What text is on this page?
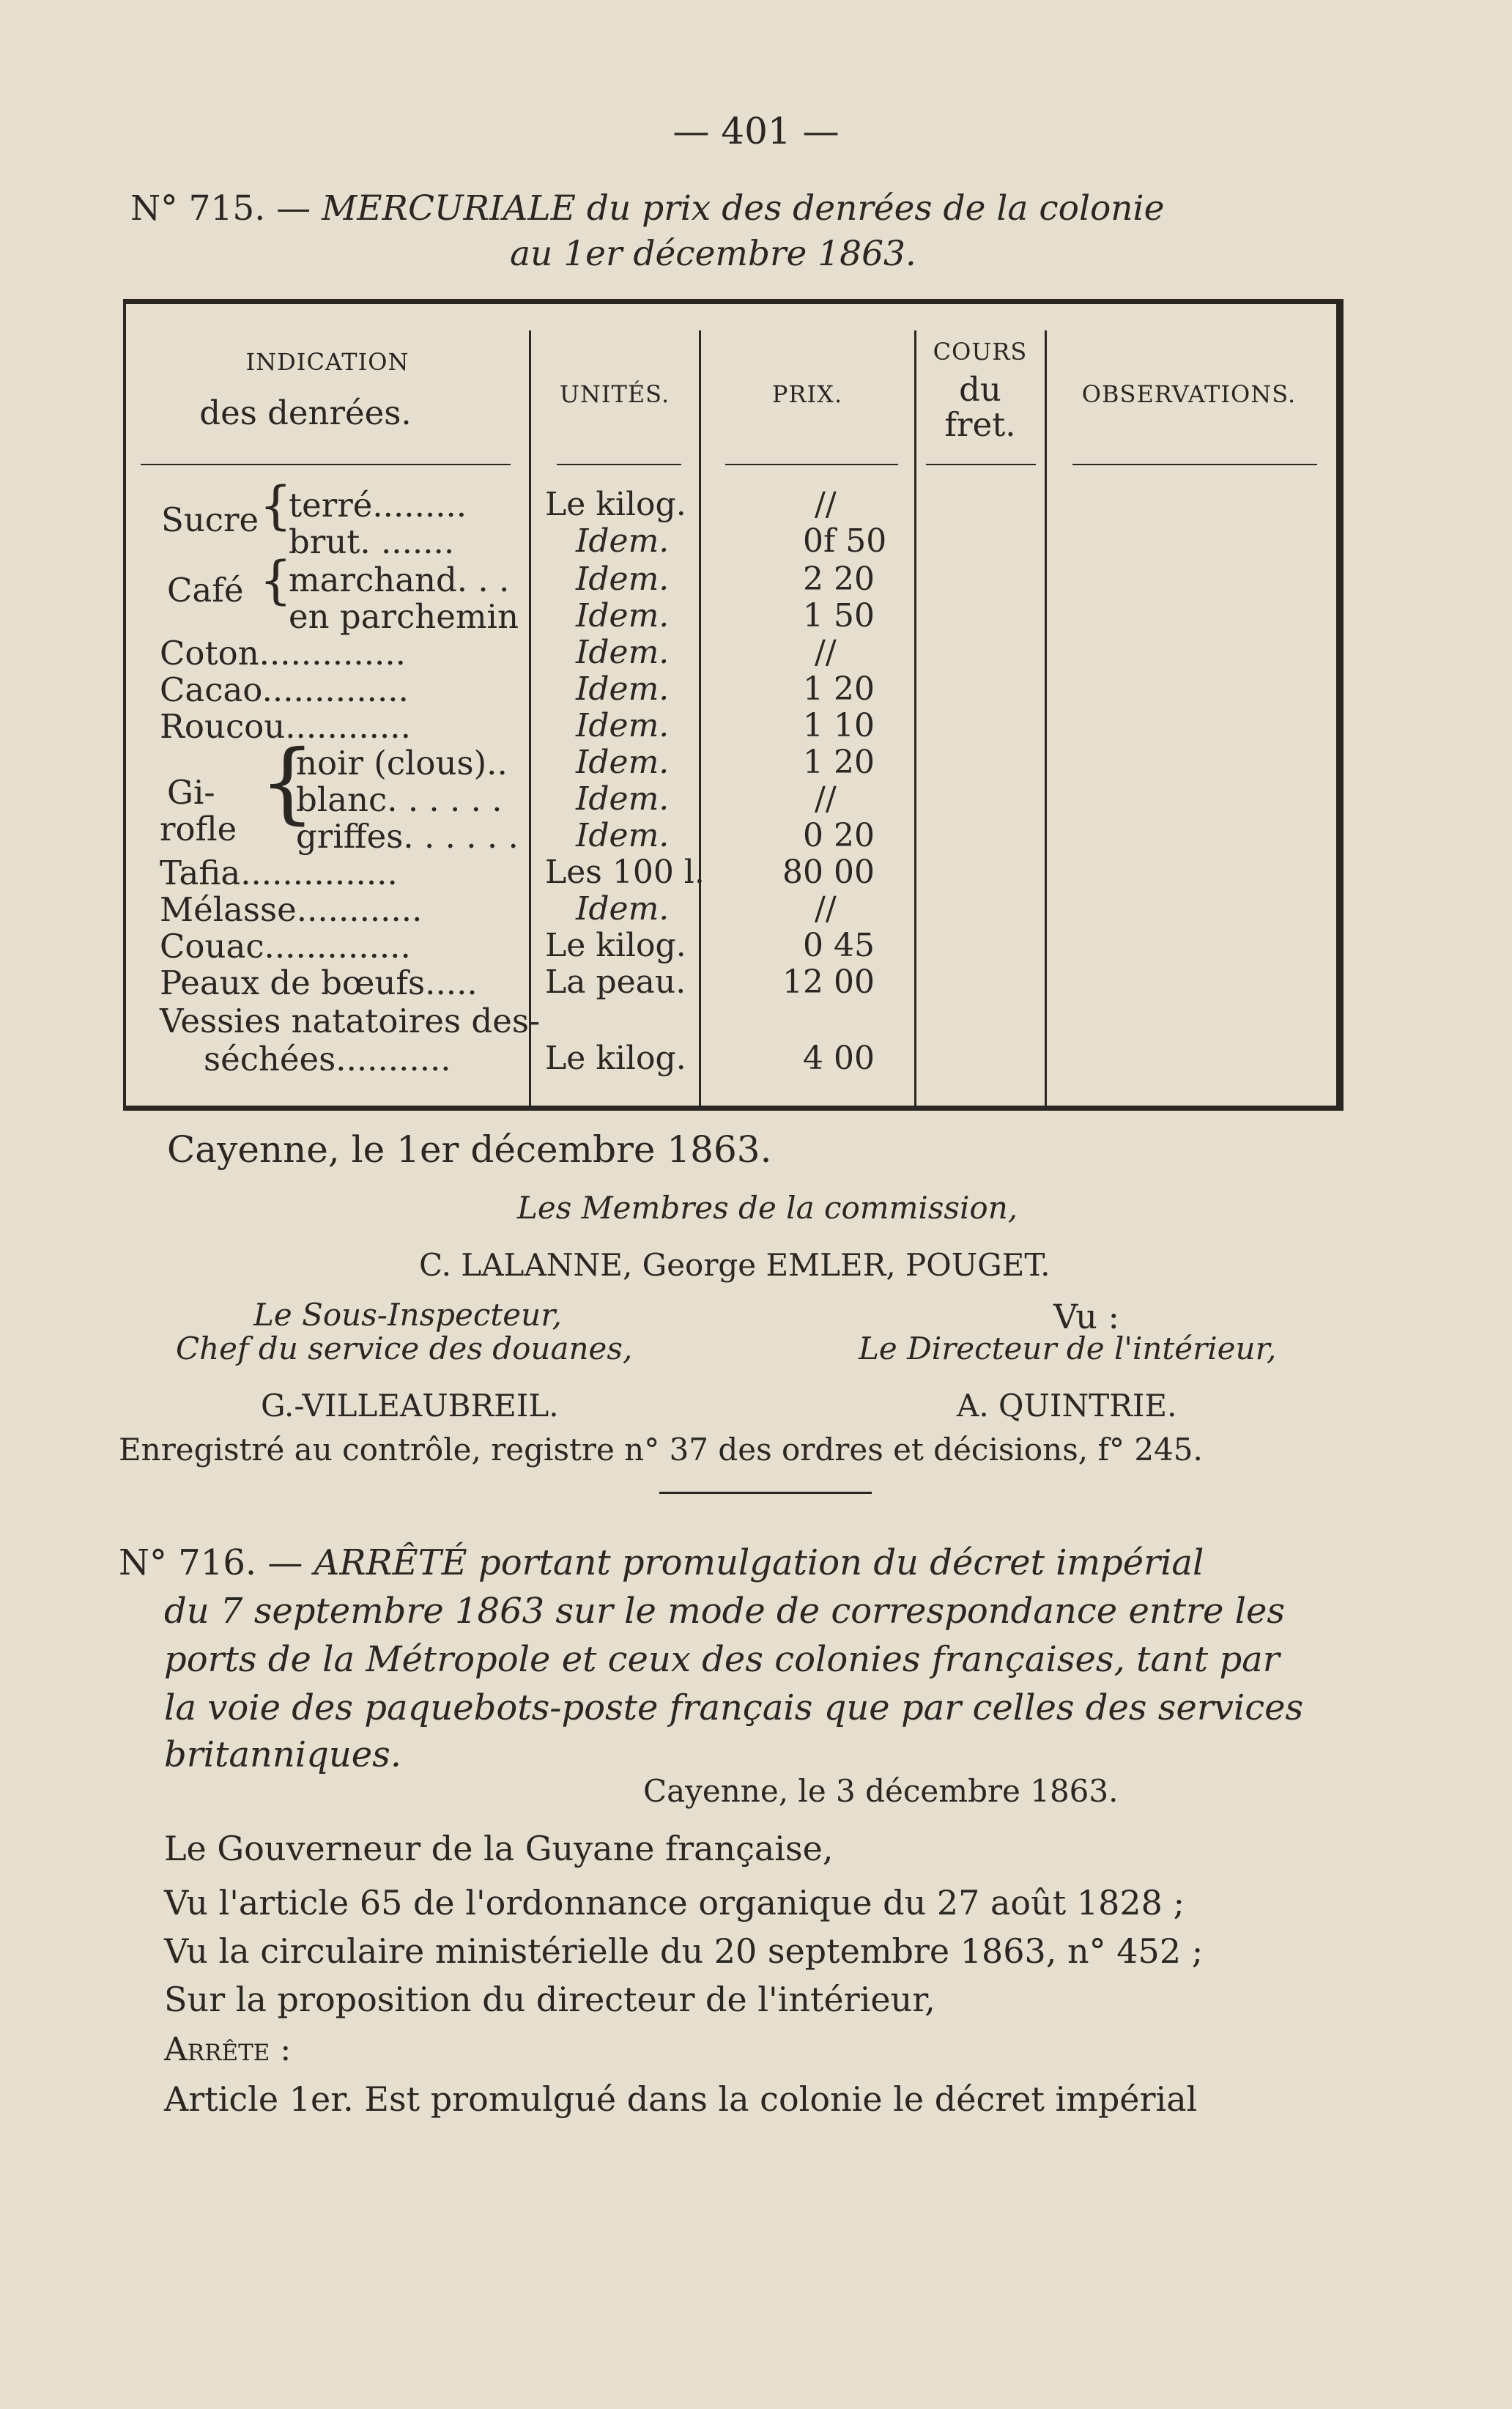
— 401 —
N° 715. — MERCURIALE du prix des denrées de la colonie
au 1er décembre 1863.
INDICATION
des denrées.	UNITÉS.	PRIX.
COURS
du
fret.
OBSERVATIONS.
{
{
{
Sucre
Café
Gi-
rofle
terré.........
brut. .......
marchand. . .
en parchemin
Coton..............
Cacao..............
Roucou............
noir (clous)..
blanc. . . . . .
griffes. . . . . .
Tafia...............
Mélasse............
Couac..............
Peaux de bœufs.....
Vessies natatoires des-
séchées...........
Le kilog.
Idem.
Idem.
Idem.
Idem.
Idem.
Idem.
Idem.
Idem.
Idem.
Les 100 l.
Idem.
Le kilog.
La peau.
Le kilog.
//
0f 50
2 20
1 50
//
1 20
1 10
1 20
//
0 20
80 00
//
0 45
12 00
4 00
Cayenne, le 1er décembre 1863.
Les Membres de la commission,
C. LALANNE, George EMLER, POUGET.
Le Sous-Inspecteur,
Chef du service des douanes,
G.-VILLEAUBREIL.
Vu :
Le Directeur de l'intérieur,
A. QUINTRIE.
Enregistré au contrôle, registre n° 37 des ordres et décisions, f° 245.
N° 716. — ARRÊTÉ portant promulgation du décret impérial
du 7 septembre 1863 sur le mode de correspondance entre les
ports de la Métropole et ceux des colonies françaises, tant par
la voie des paquebots-poste français que par celles des services
britanniques.
Cayenne, le 3 décembre 1863.
Le Gouverneur de la Guyane française,
Vu l'article 65 de l'ordonnance organique du 27 août 1828 ;
Vu la circulaire ministérielle du 20 septembre 1863, n° 452 ;
Sur la proposition du directeur de l'intérieur,
Arrête :
Article 1er. Est promulgué dans la colonie le décret impérial
